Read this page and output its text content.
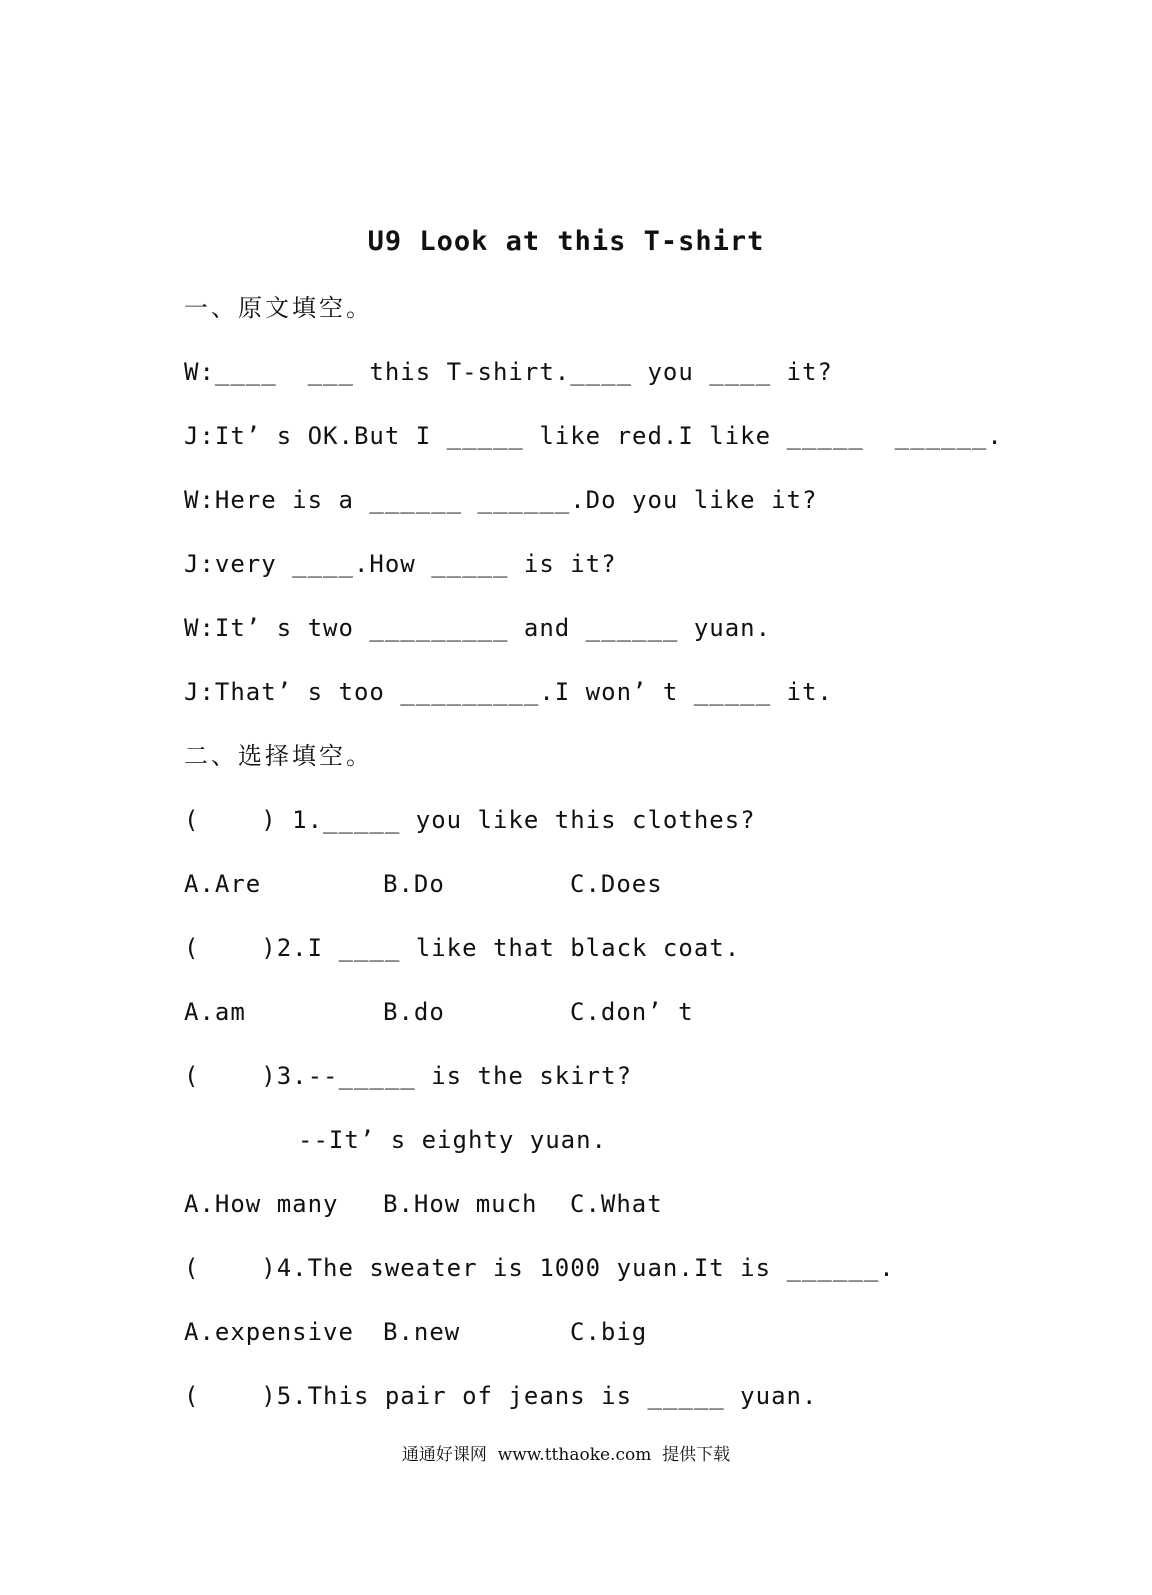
U9 Look at this T-shirt
一、原文填空。
W:____  ___ this T-shirt.____ you ____ it?
J:It’ s OK.But I _____ like red.I like _____  ______.
W:Here is a ______ ______.Do you like it?
J:very ____.How _____ is it?
W:It’ s two _________ and ______ yuan.
J:That’ s too _________.I won’ t _____ it.
二、选择填空。
(    ) 1._____ you like this clothes?
A.Are	B.Do	C.Does
(    )2.I ____ like that black coat.
A.am	B.do	C.don’ t
(    )3.--_____ is the skirt?
--It’ s eighty yuan.
A.How many B.How much C.What
(    )4.The sweater is 1000 yuan.It is ______.
A.expensive B.new	C.big
(    )5.This pair of jeans is _____ yuan.
通通好课网  www.tthaoke.com  提供下载
